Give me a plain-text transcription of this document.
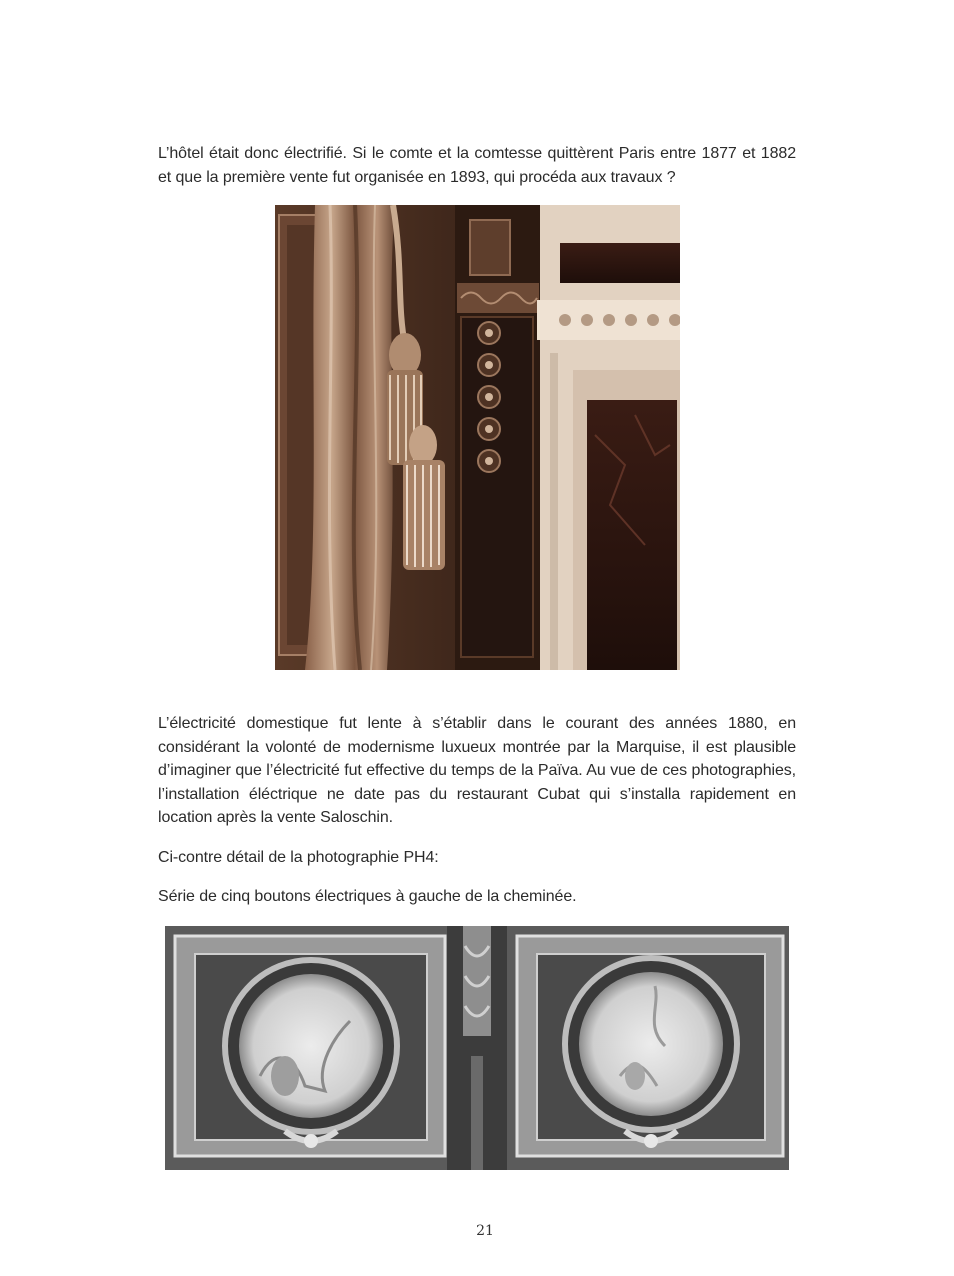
L’hôtel était donc électrifié. Si le comte et la comtesse quittèrent Paris entre 1877 et 1882 et que la première vente fut organisée en 1893, qui procéda aux travaux ?

L’électricité domestique fut lente à s’établir dans le courant des années 1880, en considérant la volonté de modernisme luxueux montrée par la Marquise, il est plausible d’imaginer que l’électricité fut effective du temps de la Païva. Au vue de ces photographies, l’installation éléctrique ne date pas du restaurant Cubat qui s’installa rapidement en location après la vente Saloschin.

Ci-contre détail de la photographie PH4:

Série de cinq boutons électriques à gauche de la cheminée.

21
